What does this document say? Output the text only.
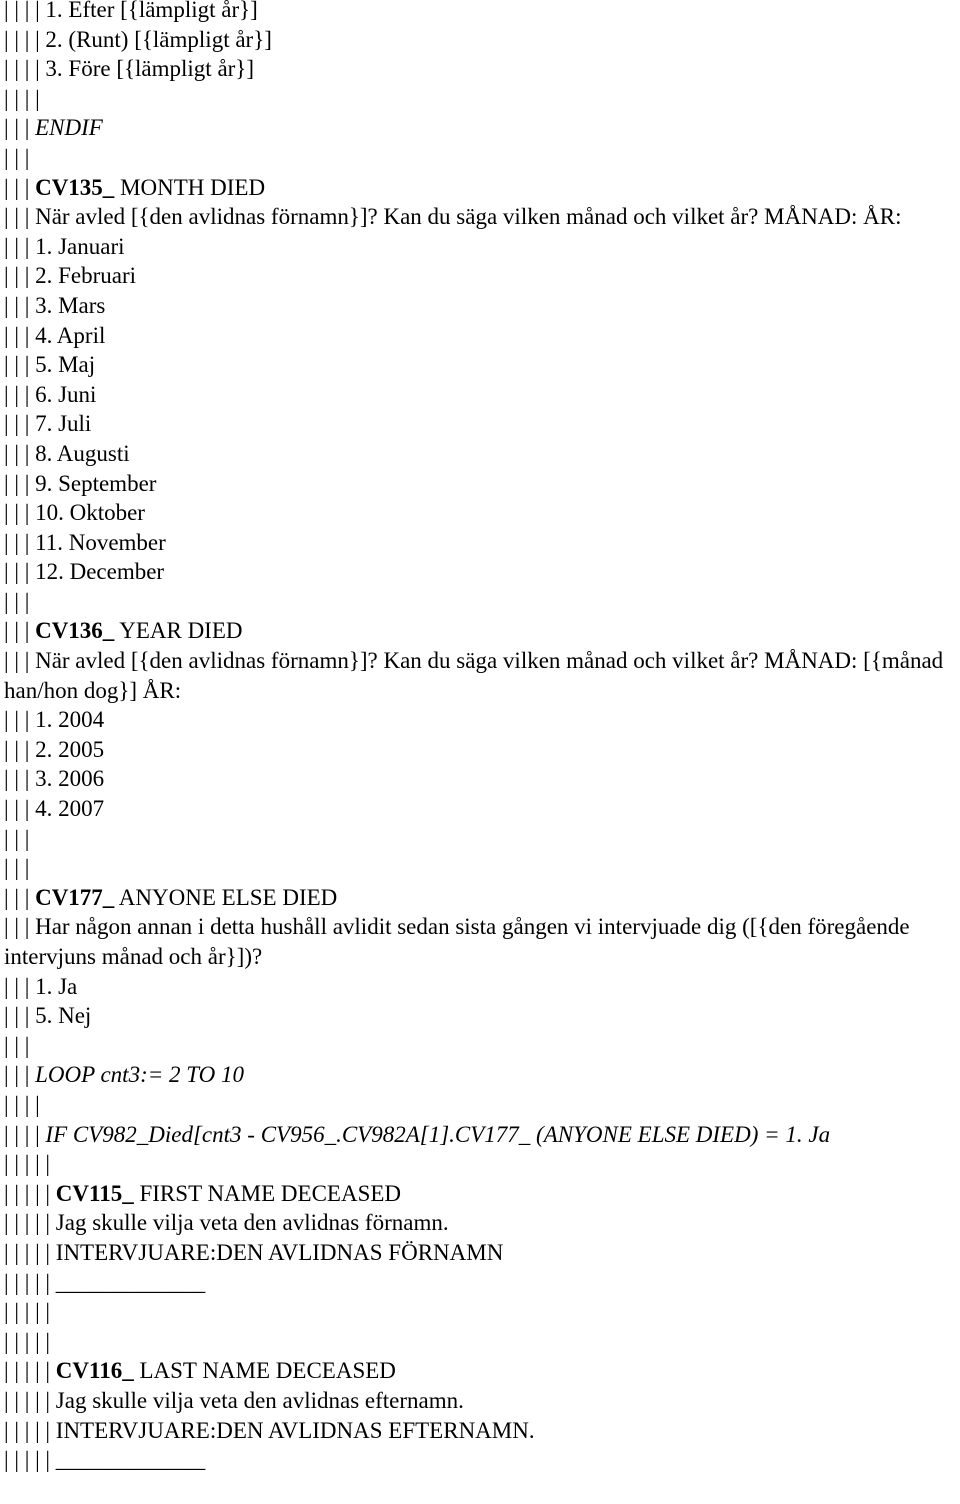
| | | | 1. Efter [{lämpligt år}]
| | | | 2. (Runt) [{lämpligt år}]
| | | | 3. Före [{lämpligt år}]
| | | |
| | | ENDIF
| | |
| | | CV135_ MONTH DIED
| | | När avled [{den avlidnas förnamn}]? Kan du säga vilken månad och vilket år? MÅNAD: ÅR:
| | | 1. Januari
| | | 2. Februari
| | | 3. Mars
| | | 4. April
| | | 5. Maj
| | | 6. Juni
| | | 7. Juli
| | | 8. Augusti
| | | 9. September
| | | 10. Oktober
| | | 11. November
| | | 12. December
| | |
| | | CV136_ YEAR DIED
| | | När avled [{den avlidnas förnamn}]? Kan du säga vilken månad och vilket år? MÅNAD: [{månad han/hon dog}] ÅR:
| | | 1. 2004
| | | 2. 2005
| | | 3. 2006
| | | 4. 2007
| | |
| | |
| | | CV177_ ANYONE ELSE DIED
| | | Har någon annan i detta hushåll avlidit sedan sista gången vi intervjuade dig ([{den föregående intervjuns månad och år}])?
| | | 1. Ja
| | | 5. Nej
| | |
| | | LOOP cnt3:= 2 TO 10
| | | |
| | | | IF CV982_Died[cnt3 - CV956_.CV982A[1].CV177_ (ANYONE ELSE DIED) = 1. Ja
| | | | |
| | | | | CV115_ FIRST NAME DECEASED
| | | | | Jag skulle vilja veta den avlidnas förnamn.
| | | | | INTERVJUARE:DEN AVLIDNAS FÖRNAMN
| | | | | _____________
| | | | |
| | | | |
| | | | | CV116_ LAST NAME DECEASED
| | | | | Jag skulle vilja veta den avlidnas efternamn.
| | | | | INTERVJUARE:DEN AVLIDNAS EFTERNAMN.
| | | | | _____________
